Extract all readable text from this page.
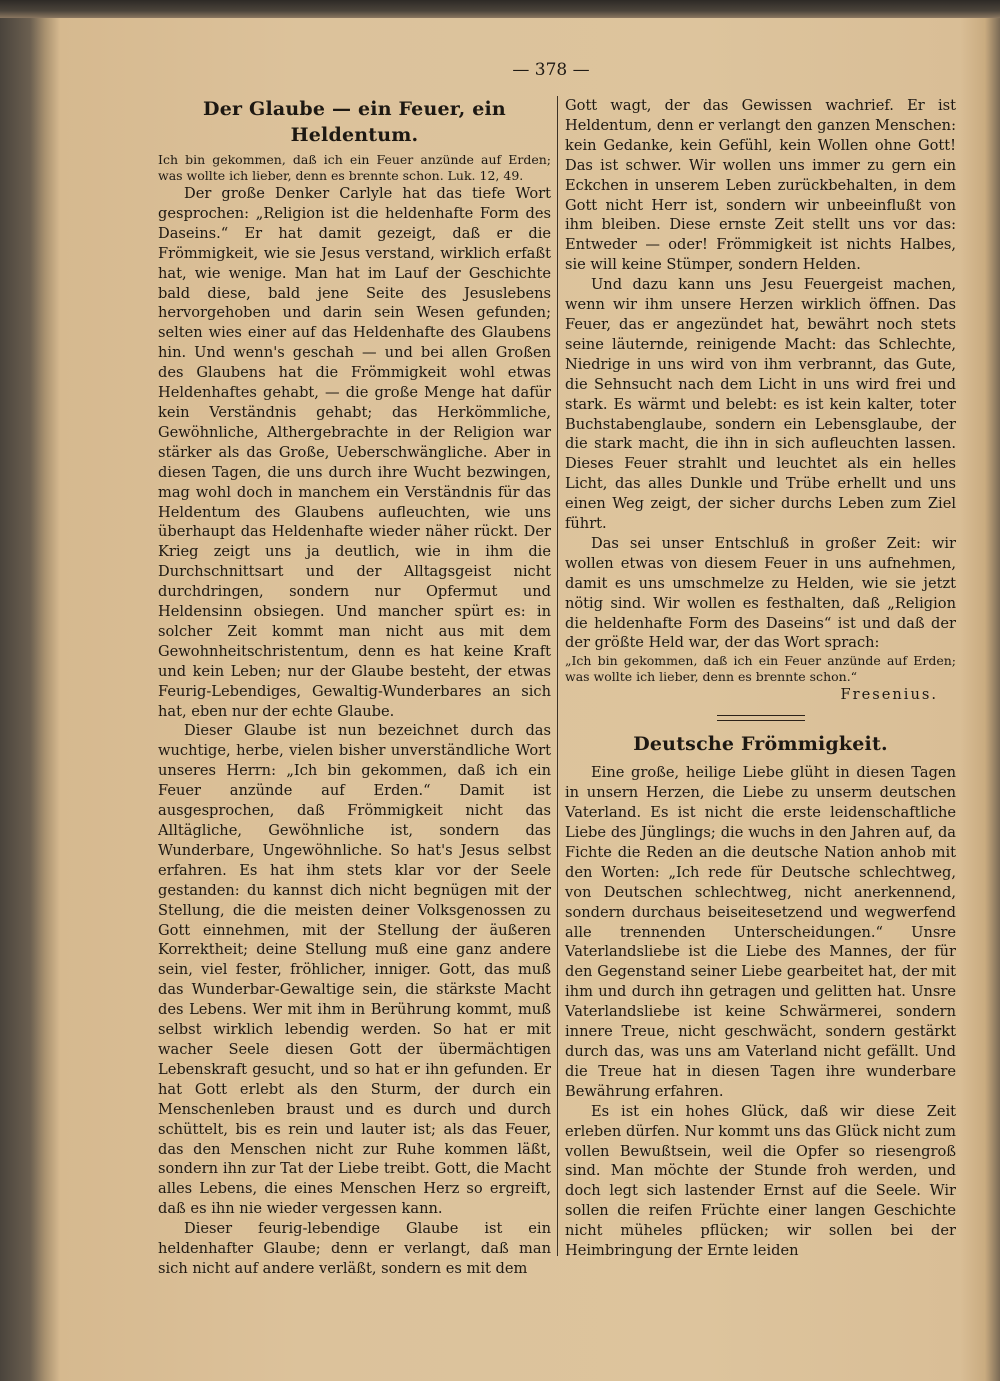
— 378 —
Der Glaube — ein Feuer, ein Heldentum.

Ich bin gekommen, daß ich ein Feuer anzünde auf Erden; was wollte ich lieber, denn es brennte schon. Luk. 12, 49.

Der große Denker Carlyle hat das tiefe Wort gesprochen: „Religion ist die heldenhafte Form des Daseins.“ Er hat damit gezeigt, daß er die Frömmigkeit, wie sie Jesus verstand, wirklich erfaßt hat, wie wenige. Man hat im Lauf der Geschichte bald diese, bald jene Seite des Jesuslebens hervorgehoben und darin sein Wesen gefunden; selten wies einer auf das Heldenhafte des Glaubens hin. Und wenn's geschah — und bei allen Großen des Glaubens hat die Frömmigkeit wohl etwas Heldenhaftes gehabt, — die große Menge hat dafür kein Verständnis gehabt; das Herkömmliche, Gewöhnliche, Althergebrachte in der Religion war stärker als das Große, Ueberschwängliche. Aber in diesen Tagen, die uns durch ihre Wucht bezwingen, mag wohl doch in manchem ein Verständnis für das Heldentum des Glaubens aufleuchten, wie uns überhaupt das Heldenhafte wieder näher rückt. Der Krieg zeigt uns ja deutlich, wie in ihm die Durchschnittsart und der Alltagsgeist nicht durchdringen, sondern nur Opfermut und Heldensinn obsiegen. Und mancher spürt es: in solcher Zeit kommt man nicht aus mit dem Gewohnheitschristentum, denn es hat keine Kraft und kein Leben; nur der Glaube besteht, der etwas Feurig-Lebendiges, Gewaltig-Wunderbares an sich hat, eben nur der echte Glaube.

Dieser Glaube ist nun bezeichnet durch das wuchtige, herbe, vielen bisher unverständliche Wort unseres Herrn: „Ich bin gekommen, daß ich ein Feuer anzünde auf Erden.“ Damit ist ausgesprochen, daß Frömmigkeit nicht das Alltägliche, Gewöhnliche ist, sondern das Wunderbare, Ungewöhnliche. So hat's Jesus selbst erfahren. Es hat ihm stets klar vor der Seele gestanden: du kannst dich nicht begnügen mit der Stellung, die die meisten deiner Volksgenossen zu Gott einnehmen, mit der Stellung der äußeren Korrektheit; deine Stellung muß eine ganz andere sein, viel fester, fröhlicher, inniger. Gott, das muß das Wunderbar-Gewaltige sein, die stärkste Macht des Lebens. Wer mit ihm in Berührung kommt, muß selbst wirklich lebendig werden. So hat er mit wacher Seele diesen Gott der übermächtigen Lebenskraft gesucht, und so hat er ihn gefunden. Er hat Gott erlebt als den Sturm, der durch ein Menschenleben braust und es durch und durch schüttelt, bis es rein und lauter ist; als das Feuer, das den Menschen nicht zur Ruhe kommen läßt, sondern ihn zur Tat der Liebe treibt. Gott, die Macht alles Lebens, die eines Menschen Herz so ergreift, daß es ihn nie wieder vergessen kann.

Dieser feurig-lebendige Glaube ist ein heldenhafter Glaube; denn er verlangt, daß man sich nicht auf andere verläßt, sondern es mit dem

Gott wagt, der das Gewissen wachrief. Er ist Heldentum, denn er verlangt den ganzen Menschen: kein Gedanke, kein Gefühl, kein Wollen ohne Gott! Das ist schwer. Wir wollen uns immer zu gern ein Eckchen in unserem Leben zurückbehalten, in dem Gott nicht Herr ist, sondern wir unbeeinflußt von ihm bleiben. Diese ernste Zeit stellt uns vor das: Entweder — oder! Frömmigkeit ist nichts Halbes, sie will keine Stümper, sondern Helden.

Und dazu kann uns Jesu Feuergeist machen, wenn wir ihm unsere Herzen wirklich öffnen. Das Feuer, das er angezündet hat, bewährt noch stets seine läuternde, reinigende Macht: das Schlechte, Niedrige in uns wird von ihm verbrannt, das Gute, die Sehnsucht nach dem Licht in uns wird frei und stark. Es wärmt und belebt: es ist kein kalter, toter Buchstabenglaube, sondern ein Lebensglaube, der die stark macht, die ihn in sich aufleuchten lassen. Dieses Feuer strahlt und leuchtet als ein helles Licht, das alles Dunkle und Trübe erhellt und uns einen Weg zeigt, der sicher durchs Leben zum Ziel führt.

Das sei unser Entschluß in großer Zeit: wir wollen etwas von diesem Feuer in uns aufnehmen, damit es uns umschmelze zu Helden, wie sie jetzt nötig sind. Wir wollen es festhalten, daß „Religion die heldenhafte Form des Daseins“ ist und daß der der größte Held war, der das Wort sprach:

„Ich bin gekommen, daß ich ein Feuer anzünde auf Erden; was wollte ich lieber, denn es brennte schon.“

Fresenius.

Deutsche Frömmigkeit.

Eine große, heilige Liebe glüht in diesen Tagen in unsern Herzen, die Liebe zu unserm deutschen Vaterland. Es ist nicht die erste leidenschaftliche Liebe des Jünglings; die wuchs in den Jahren auf, da Fichte die Reden an die deutsche Nation anhob mit den Worten: „Ich rede für Deutsche schlechtweg, von Deutschen schlechtweg, nicht anerkennend, sondern durchaus beiseitesetzend und wegwerfend alle trennenden Unterscheidungen.“ Unsre Vaterlandsliebe ist die Liebe des Mannes, der für den Gegenstand seiner Liebe gearbeitet hat, der mit ihm und durch ihn getragen und gelitten hat. Unsre Vaterlandsliebe ist keine Schwärmerei, sondern innere Treue, nicht geschwächt, sondern gestärkt durch das, was uns am Vaterland nicht gefällt. Und die Treue hat in diesen Tagen ihre wunderbare Bewährung erfahren.

Es ist ein hohes Glück, daß wir diese Zeit erleben dürfen. Nur kommt uns das Glück nicht zum vollen Bewußtsein, weil die Opfer so riesengroß sind. Man möchte der Stunde froh werden, und doch legt sich lastender Ernst auf die Seele. Wir sollen die reifen Früchte einer langen Geschichte nicht müheles pflücken; wir sollen bei der Heimbringung der Ernte leiden
